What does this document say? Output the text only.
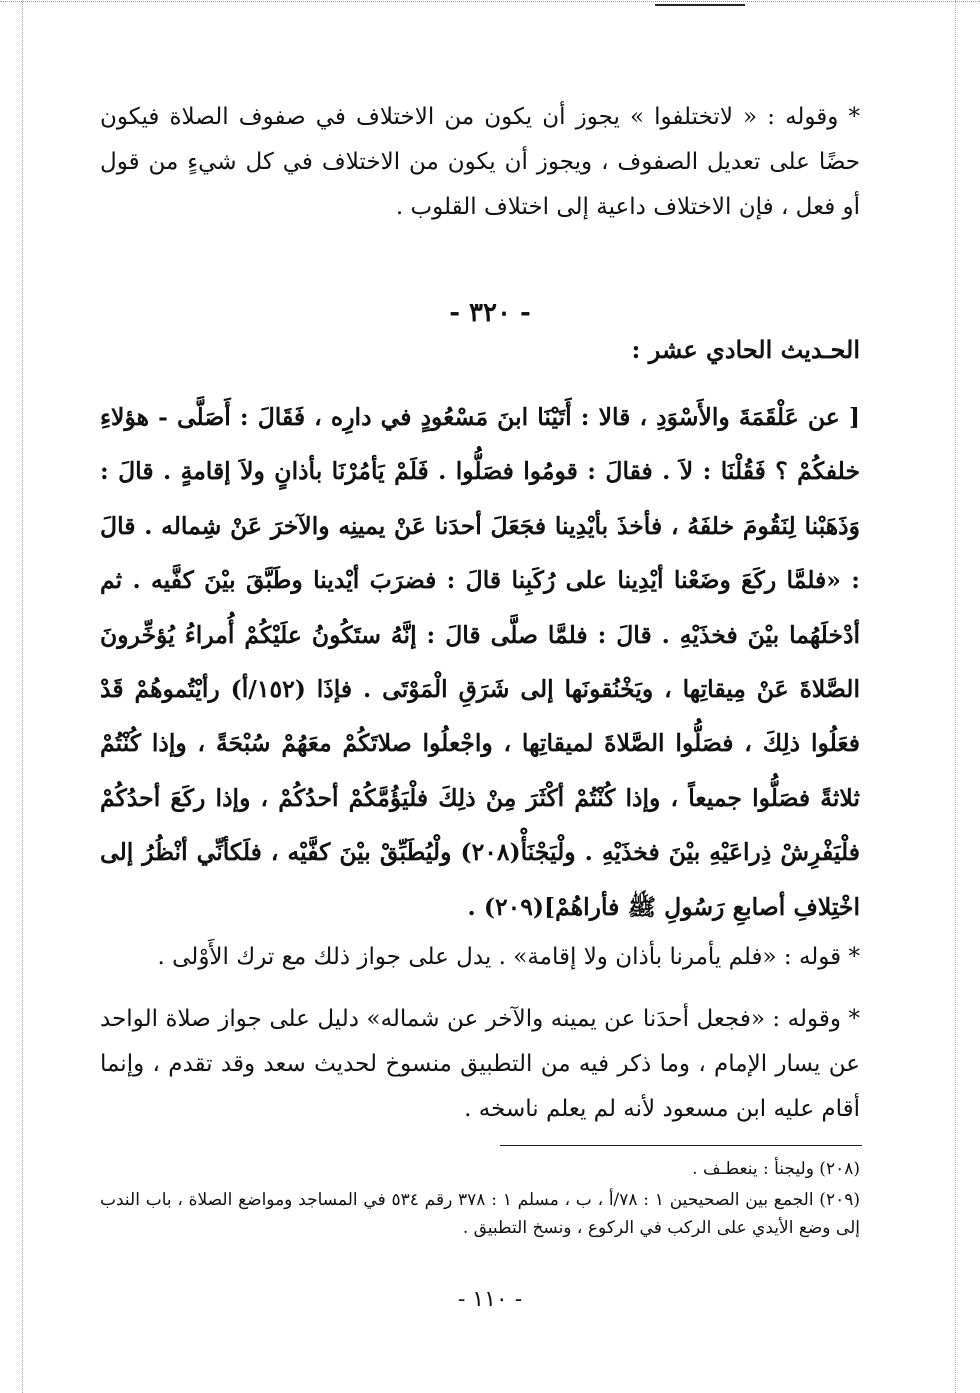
* وقوله : « لاتختلفوا » يجوز أن يكون من الاختلاف في صفوف الصلاة فيكون حضًا على تعديل الصفوف ، ويجوز أن يكون من الاختلاف في كل شيءٍ من قول أو فعل ، فإن الاختلاف داعية إلى اختلاف القلوب .
- ٣٢٠ -
الحـديث الحادي عشر :
[ عن عَلْقَمَةَ والأَسْوَدِ ، قالا : أَتَيْنَا ابنَ مَسْعُودٍ في دارِه ، فَقَالَ : أَصَلَّى - هؤلاءِ خلفكُمْ ؟ فَقُلْنَا : لاَ . فقالَ : قومُوا فصَلُّوا . فَلَمْ يَأمُرْنَا بأذانٍ ولاَ إقامةٍ . قالَ : وَذَهَبْنا لِنَقُومَ خلفَهُ ، فأخذَ بأيْدِينا فجَعَلَ أحدَنا عَنْ يمينِه والآخرَ عَنْ شِماله . قالَ : «فلمَّا ركَعَ وضَعْنا أيْدِينا على رُكَبِنا قالَ : فضرَبَ أيْدينا وطَبَّقَ بيْنَ كفَّيه . ثم أدْخلَهُما بيْنَ فخذَيْهِ . قالَ : فلمَّا صلَّى قالَ : إنَّهُ ستَكُونُ علَيْكُمْ أُمراءُ يُؤخِّرونَ الصَّلاةَ عَنْ مِيقاتِها ، ويَخْنُقونَها إلى شَرَقِ الْمَوْتَى . فإذَا (١٥٢/أ) رأيْتُموهُمْ قَدْ فعَلُوا ذلِكَ ، فصَلُّوا الصَّلاةَ لميقاتِها ، واجْعلُوا صلاتَكُمْ معَهُمْ سُبْحَةً ، وإذا كُنْتُمْ ثلاثةً فصَلُّوا جميعاً ، وإذا كُنْتُمْ أكْثَرَ مِنْ ذلِكَ فلْيَؤُمَّكُمْ أحدُكُمْ ، وإذا ركَعَ أحدُكُمْ فلْيَفْرِشْ ذِراعَيْهِ بيْنَ فخذَيْهِ . ولْيَجْنَأْ(٢٠٨) ولْيُطَبِّقْ بيْنَ كفَّيْه ، فلَكأنِّي أنْظُرُ إلى اخْتِلافِ أصابعِ رَسُولِ ﷺ فأراهُمْ](٢٠٩) .
* قوله : «فلم يأمرنا بأذان ولا إقامة» . يدل على جواز ذلك مع ترك الأَوْلى .
* وقوله : «فجعل أحدَنا عن يمينه والآخر عن شماله» دليل على جواز صلاة الواحد عن يسار الإمام ، وما ذكر فيه من التطبيق منسوخ لحديث سعد وقد تقدم ، وإنما أقام عليه ابن مسعود لأنه لم يعلم ناسخه .
(٢٠٨) وليجنأ : ينعطـف .
(٢٠٩) الجمع بين الصحيحين ١ : ٧٨/أ ، ب ، مسلم ١ : ٣٧٨ رقم ٥٣٤ في المساجد ومواضع الصلاة ، باب الندب إلى وضع الأيدي على الركب في الركوع ، ونسخ التطبيق .
- ١١٠ -
